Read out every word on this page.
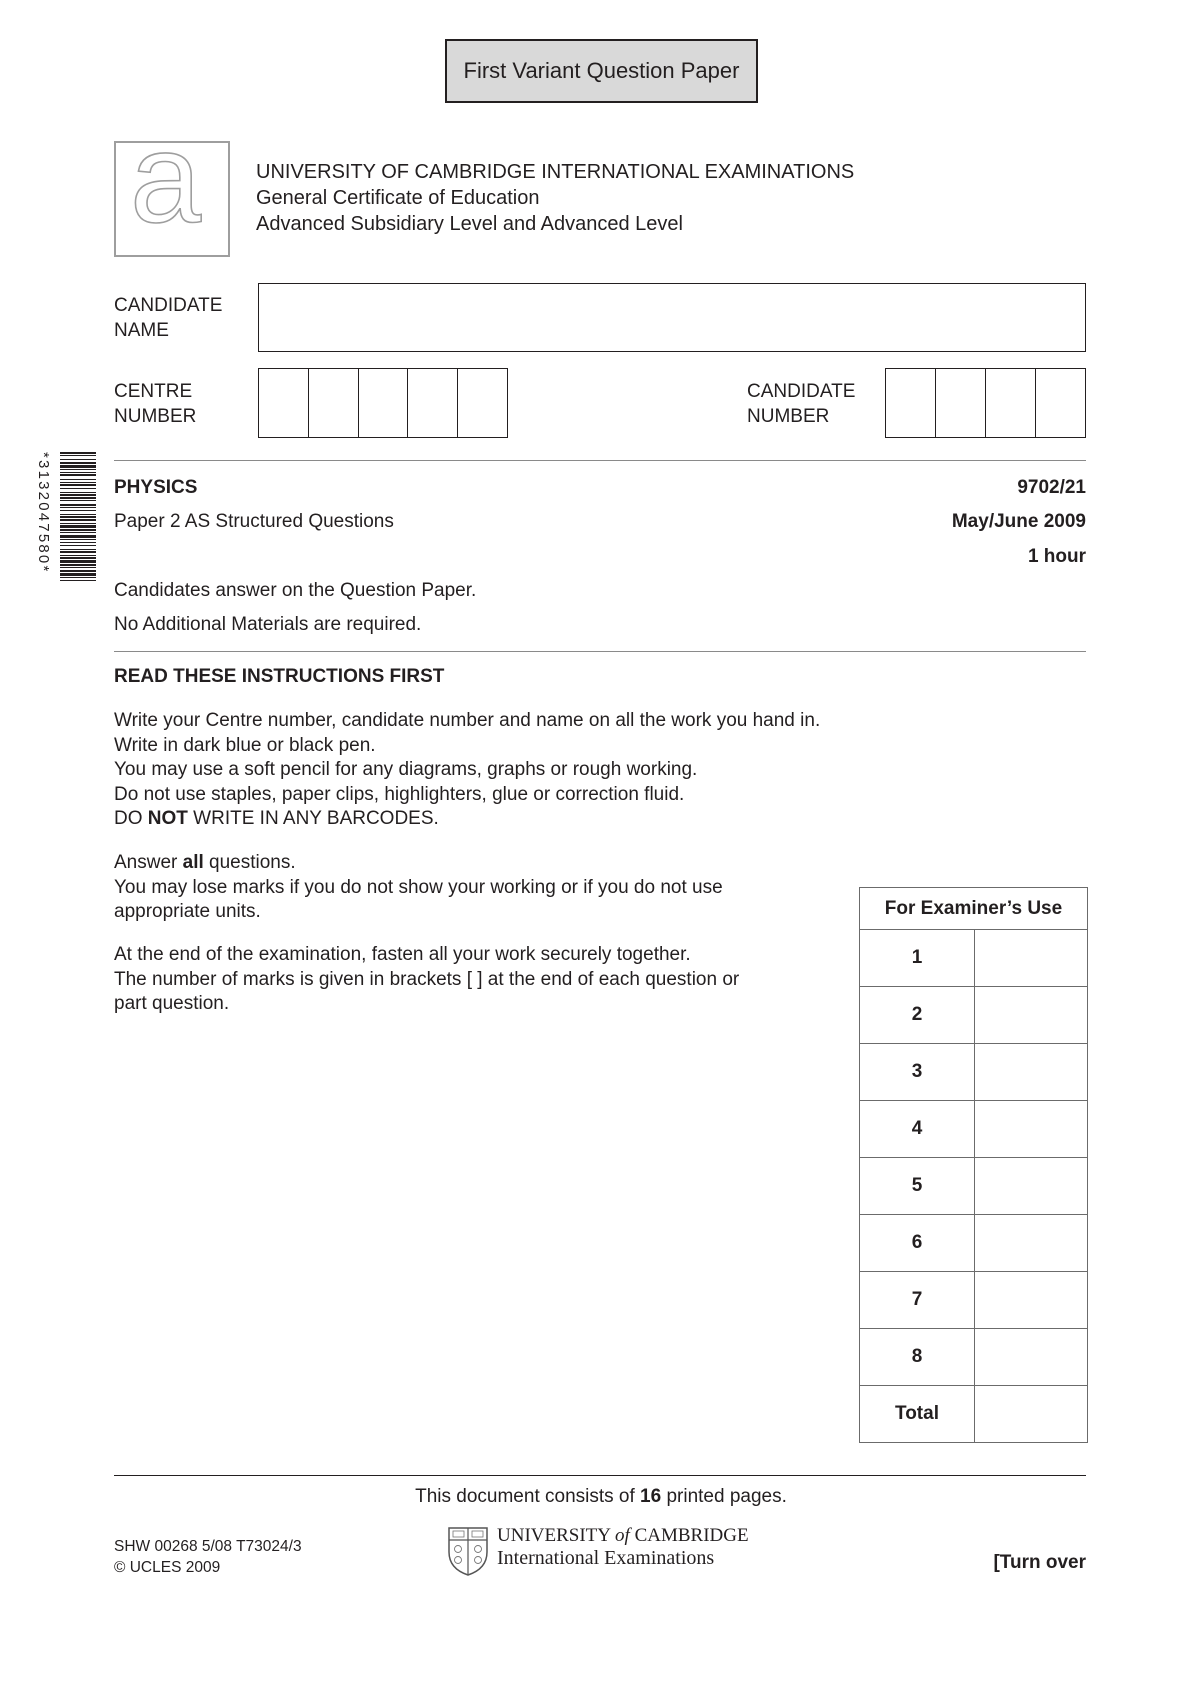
First Variant Question Paper
a	UNIVERSITY OF CAMBRIDGE INTERNATIONAL EXAMINATIONS
General Certificate of Education
Advanced Subsidiary Level and Advanced Level
CANDIDATE
NAME
CENTRE
NUMBER
CANDIDATE
NUMBER
*3132047580*	PHYSICS	9702/21
Paper 2 AS Structured Questions	May/June 2009
1 hour
Candidates answer on the Question Paper.
No Additional Materials are required.
READ THESE INSTRUCTIONS FIRST
Write your Centre number, candidate number and name on all the work you hand in.
Write in dark blue or black pen.
You may use a soft pencil for any diagrams, graphs or rough working.
Do not use staples, paper clips, highlighters, glue or correction fluid.
DO NOT WRITE IN ANY BARCODES.
Answer all questions.
You may lose marks if you do not show your working or if you do not use
appropriate units.
At the end of the examination, fasten all your work securely together.
The number of marks is given in brackets [ ] at the end of each question or
part question.
For Examiner’s Use	
1	
2	
3	
4	
5	
6	
7	
8	
Total	
This document consists of 16 printed pages.
SHW 00268 5/08 T73024/3
© UCLES 2009
UNIVERSITY of CAMBRIDGE
International Examinations	[Turn over
